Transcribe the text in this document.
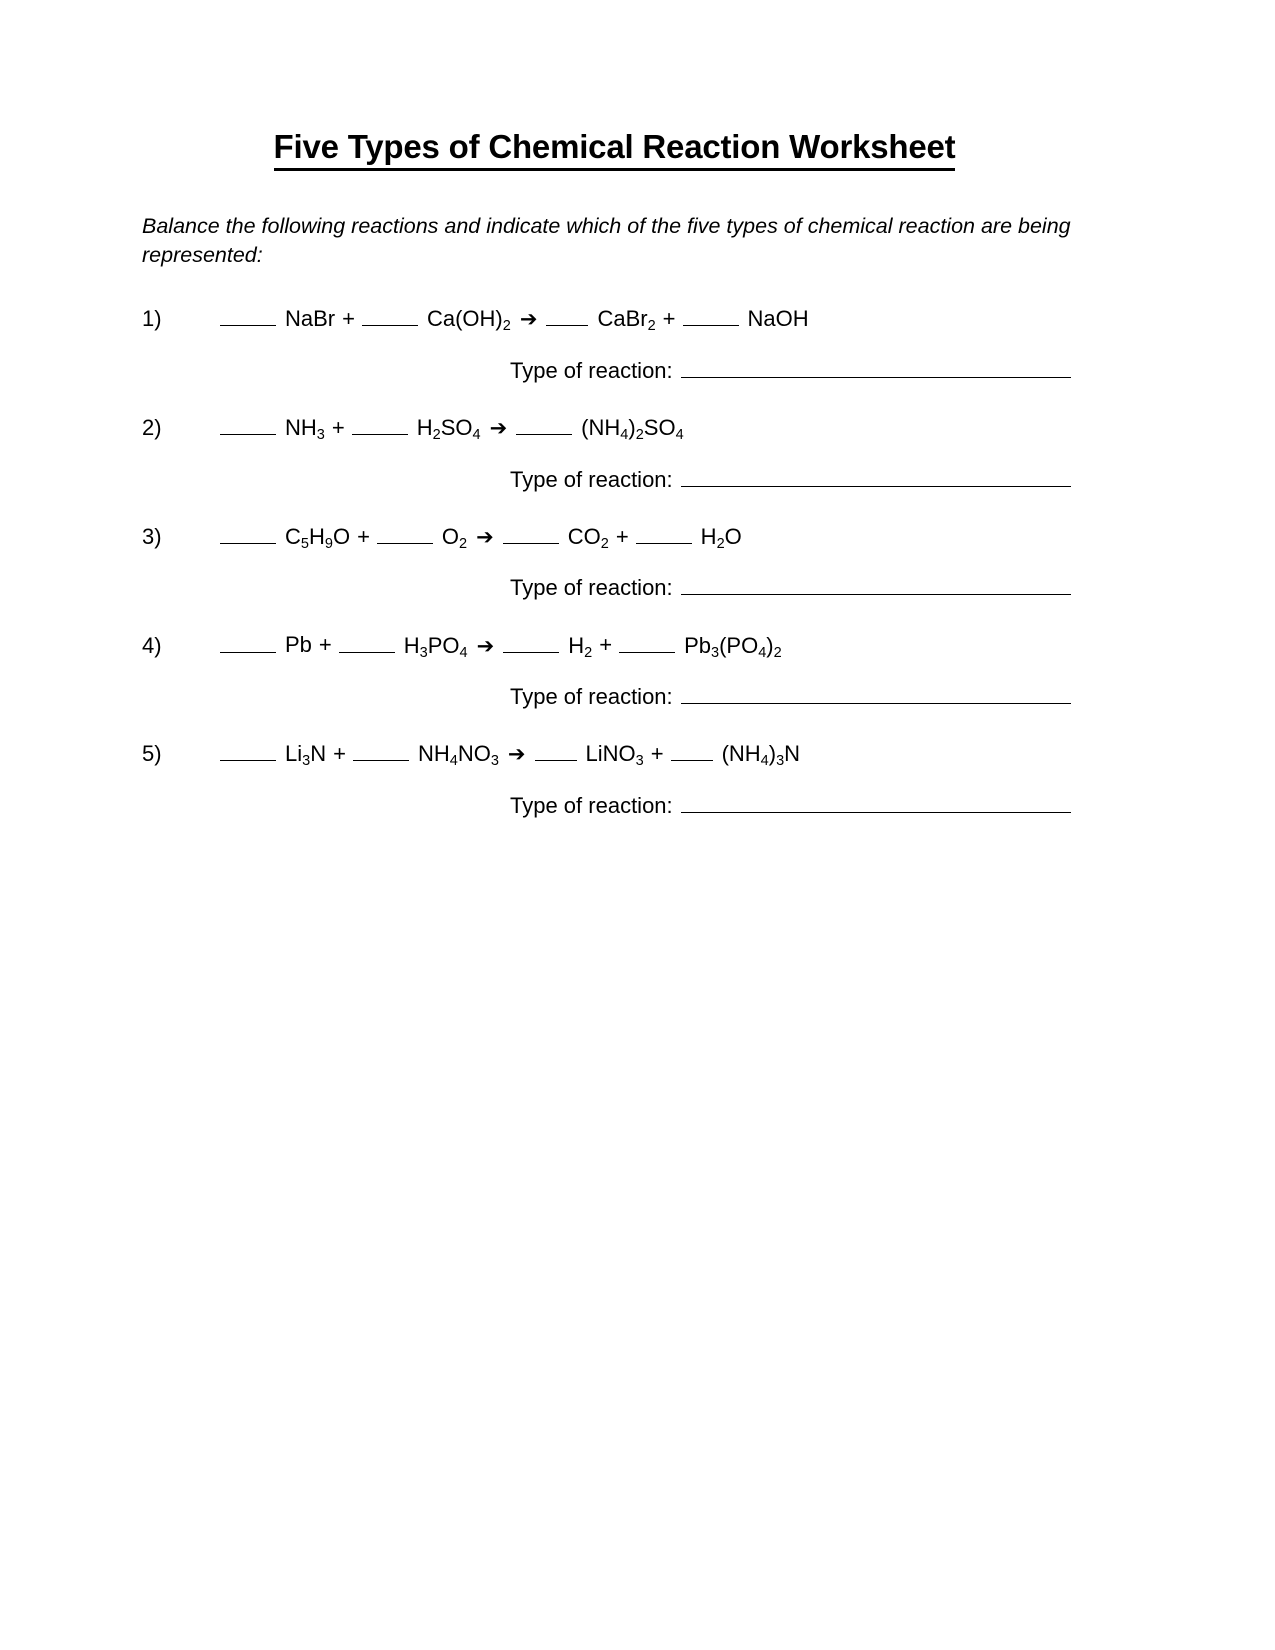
Five Types of Chemical Reaction Worksheet

Balance the following reactions and indicate which of the five types of chemical reaction are being represented:

1)	NaBr +	$Ca(OH)_2$ ➔	CaBr$_2$ +	NaOH
Type of reaction:
2)	$NH_3$ +	$H_2SO_4$ ➔	$(NH_4)_2SO_4$
Type of reaction:
3)	$C_5H_9O$ +	$O_2$ ➔	$CO_2$ +	$H_2O$
Type of reaction:
4)	Pb +	$H_3PO_4$ ➔	$H_2$ +	$Pb_3(PO_4)_2$
Type of reaction:
5)	$Li_3N$ +	$NH_4NO_3$ ➔	LiNO$_3$ +	$(NH_4)_3N$
Type of reaction:
